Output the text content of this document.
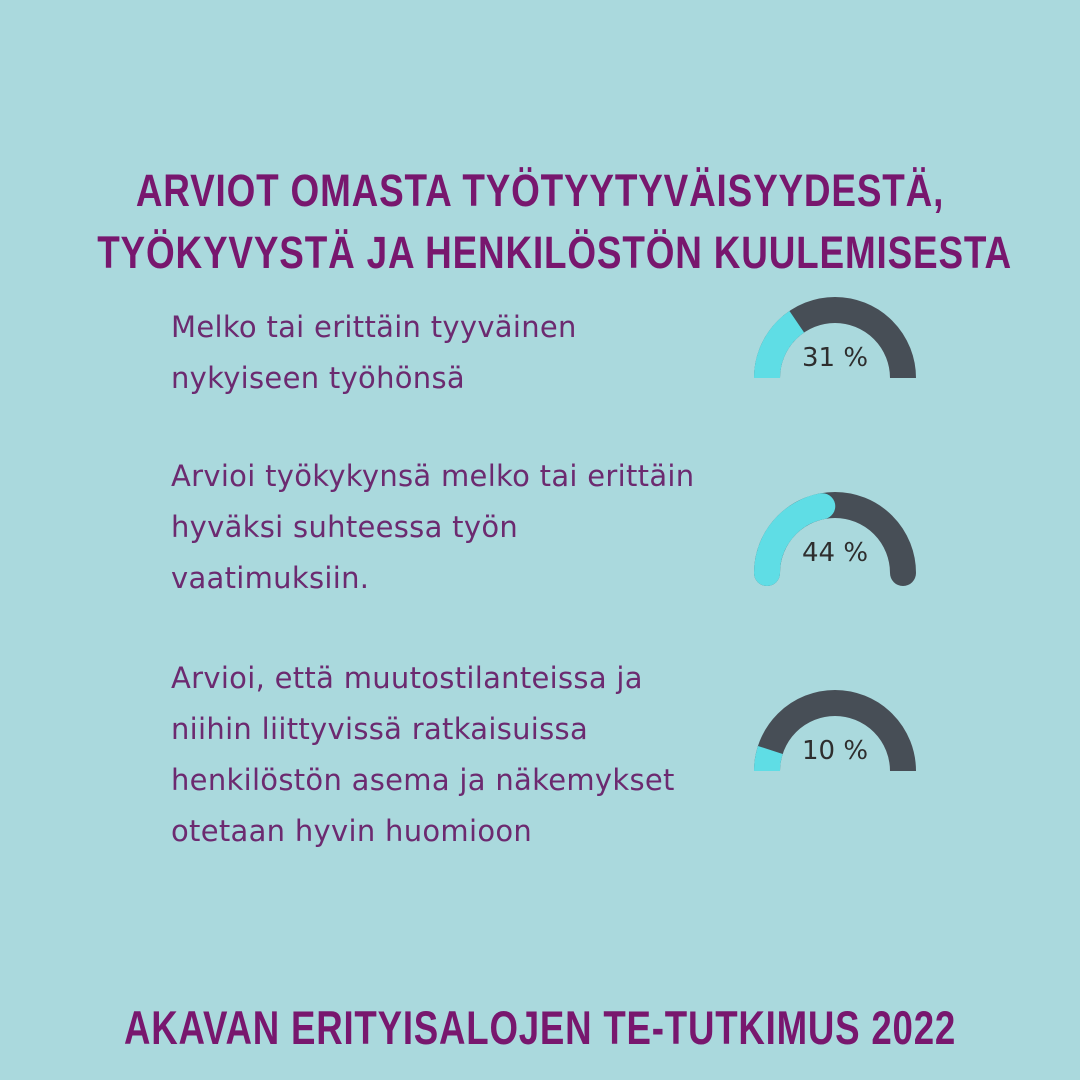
ARVIOT OMASTA TYÖTYYTYVÄISYYDESTÄ,
TYÖKYVYSTÄ JA HENKILÖSTÖN KUULEMISESTA
Melko tai erittäin tyyväinen
nykyiseen työhönsä
31 %
Arvioi työkykynsä melko tai erittäin
hyväksi suhteessa työn
vaatimuksiin.
44 %
Arvioi, että muutostilanteissa ja
niihin liittyvissä ratkaisuissa
henkilöstön asema ja näkemykset
otetaan hyvin huomioon
10 %
AKAVAN ERITYISALOJEN TE-TUTKIMUS 2022
